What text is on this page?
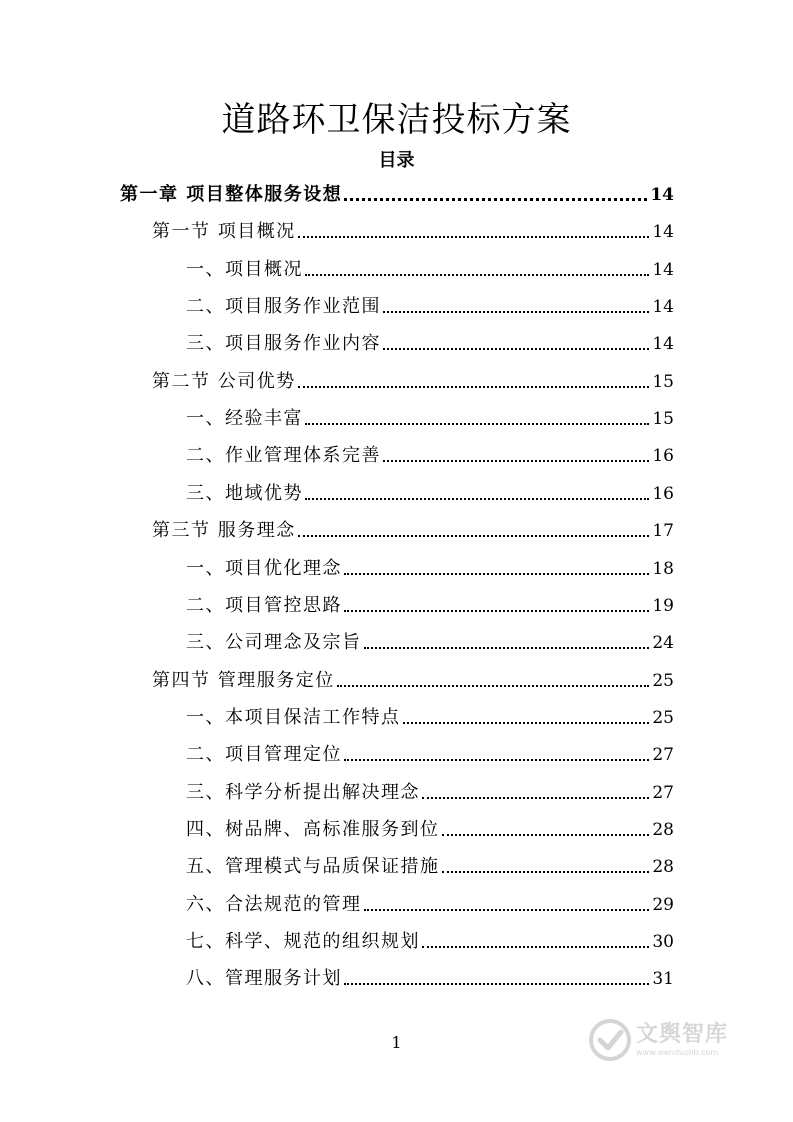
道路环卫保洁投标方案
目录
第一章 项目整体服务设想	14
第一节 项目概况	14
一、项目概况	14
二、项目服务作业范围	14
三、项目服务作业内容	14
第二节 公司优势	15
一、经验丰富	15
二、作业管理体系完善	16
三、地域优势	16
第三节 服务理念	17
一、项目优化理念	18
二、项目管控思路	19
三、公司理念及宗旨	24
第四节 管理服务定位	25
一、本项目保洁工作特点	25
二、项目管理定位	27
三、科学分析提出解决理念	27
四、树品牌、高标准服务到位	28
五、管理模式与品质保证措施	28
六、合法规范的管理	29
七、科学、规范的组织规划	30
八、管理服务计划	31
1	文舆智库
www.wenduolib.com
